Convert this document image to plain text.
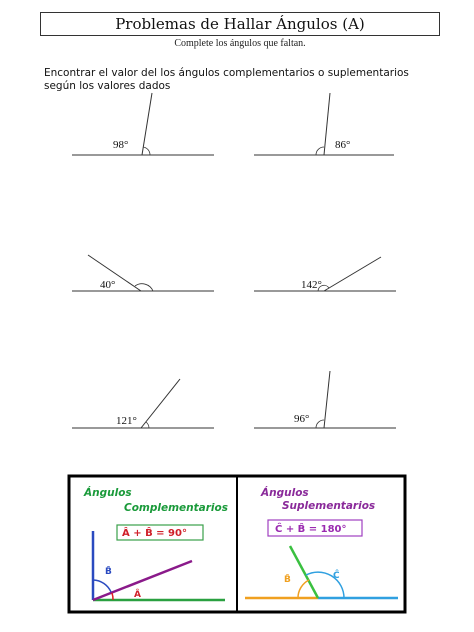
Problemas de Hallar Ángulos (A)
Complete los ángulos que faltan.
Encontrar el valor del los ángulos complementarios o suplementarios
según los valores dados
98°	86°
40°	142°
121°	96°
Ángulos
Complementarios
Â + B̂ = 90°
B̂
Â
Ángulos
Suplementarios
Ĉ + B̂ = 180°
B̂	Ĉ
